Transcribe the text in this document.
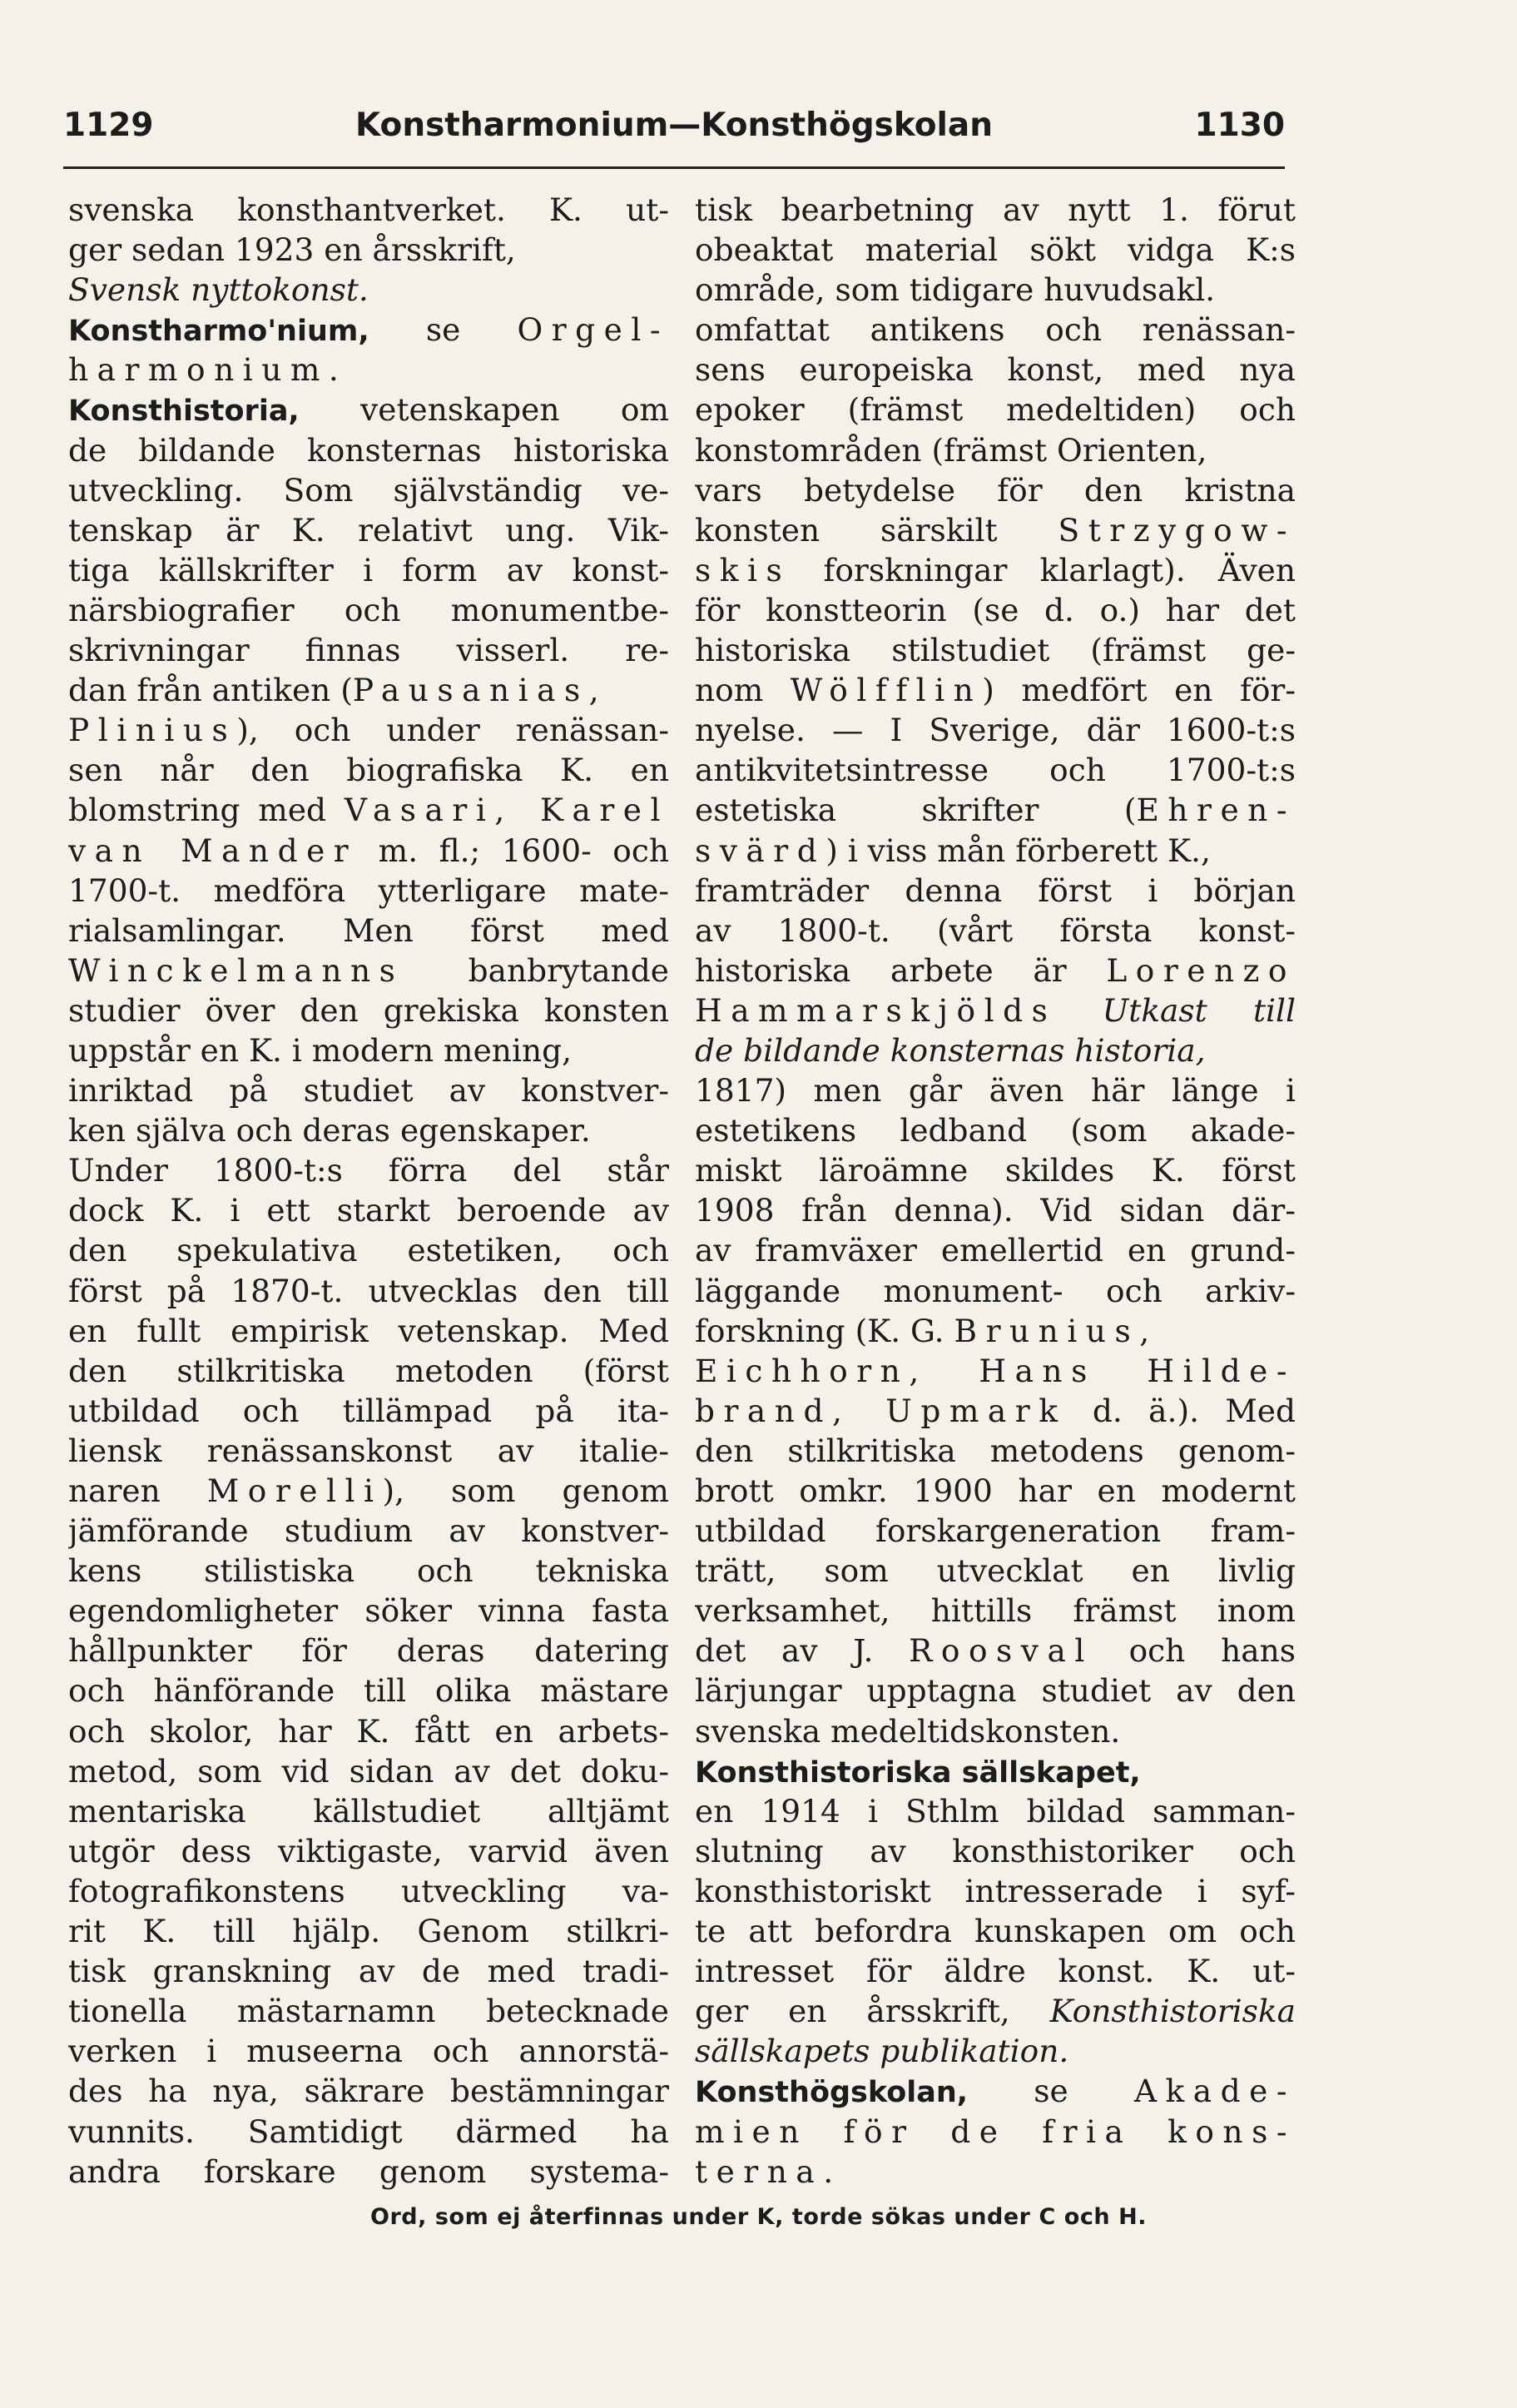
1129	Konstharmonium—Konsthögskolan	1130
svenska konsthantverket. K. ut-
ger sedan 1923 en årsskrift,
Svensk nyttokonst.
Konstharmo'nium, se Orgel-
harmonium.
Konsthistoria, vetenskapen om
de bildande konsternas historiska
utveckling. Som självständig ve-
tenskap är K. relativt ung. Vik-
tiga källskrifter i form av konst-
närsbiografier och monumentbe-
skrivningar finnas visserl. re-
dan från antiken (Pausanias,
Plinius), och under renässan-
sen når den biografiska K. en
blomstring med Vasari, Karel
van Mander m. fl.; 1600- och
1700-t. medföra ytterligare mate-
rialsamlingar. Men först med
Winckelmanns banbrytande
studier över den grekiska konsten
uppstår en K. i modern mening,
inriktad på studiet av konstver-
ken själva och deras egenskaper.
Under 1800-t:s förra del står
dock K. i ett starkt beroende av
den spekulativa estetiken, och
först på 1870-t. utvecklas den till
en fullt empirisk vetenskap. Med
den stilkritiska metoden (först
utbildad och tillämpad på ita-
liensk renässanskonst av italie-
naren Morelli), som genom
jämförande studium av konstver-
kens stilistiska och tekniska
egendomligheter söker vinna fasta
hållpunkter för deras datering
och hänförande till olika mästare
och skolor, har K. fått en arbets-
metod, som vid sidan av det doku-
mentariska källstudiet alltjämt
utgör dess viktigaste, varvid även
fotografikonstens utveckling va-
rit K. till hjälp. Genom stilkri-
tisk granskning av de med tradi-
tionella mästarnamn betecknade
verken i museerna och annorstä-
des ha nya, säkrare bestämningar
vunnits. Samtidigt därmed ha
andra forskare genom systema-
tisk bearbetning av nytt 1. förut
obeaktat material sökt vidga K:s
område, som tidigare huvudsakl.
omfattat antikens och renässan-
sens europeiska konst, med nya
epoker (främst medeltiden) och
konstområden (främst Orienten,
vars betydelse för den kristna
konsten särskilt Strzygow-
skis forskningar klarlagt). Även
för konstteorin (se d. o.) har det
historiska stilstudiet (främst ge-
nom Wölfflin) medfört en för-
nyelse. — I Sverige, där 1600-t:s
antikvitetsintresse och 1700-t:s
estetiska skrifter (Ehren-
svärd) i viss mån förberett K.,
framträder denna först i början
av 1800-t. (vårt första konst-
historiska arbete är Lorenzo
Hammarskjölds Utkast till
de bildande konsternas historia,
1817) men går även här länge i
estetikens ledband (som akade-
miskt läroämne skildes K. först
1908 från denna). Vid sidan där-
av framväxer emellertid en grund-
läggande monument- och arkiv-
forskning (K. G. Brunius,
Eichhorn, Hans Hilde-
brand, Upmark d. ä.). Med
den stilkritiska metodens genom-
brott omkr. 1900 har en modernt
utbildad forskargeneration fram-
trätt, som utvecklat en livlig
verksamhet, hittills främst inom
det av J. Roosval och hans
lärjungar upptagna studiet av den
svenska medeltidskonsten.
Konsthistoriska sällskapet,
en 1914 i Sthlm bildad samman-
slutning av konsthistoriker och
konsthistoriskt intresserade i syf-
te att befordra kunskapen om och
intresset för äldre konst. K. ut-
ger en årsskrift, Konsthistoriska
sällskapets publikation.
Konsthögskolan, se Akade-
mien för de fria kons-
terna.
Ord, som ej återfinnas under K, torde sökas under C och H.
